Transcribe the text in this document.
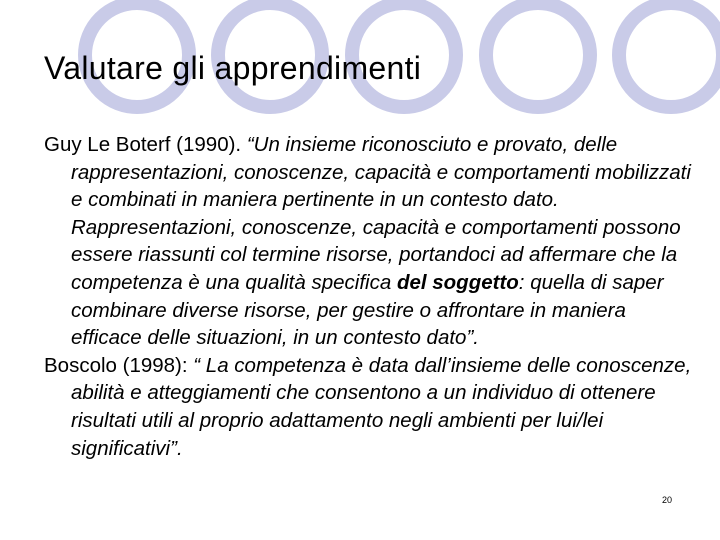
Valutare gli apprendimenti

Guy Le Boterf (1990). “Un insieme riconosciuto e provato, delle rappresentazioni, conoscenze, capacità e comportamenti mobilizzati e combinati in maniera pertinente in un contesto dato. Rappresentazioni, conoscenze, capacità e comportamenti possono essere riassunti col termine risorse, portandoci ad affermare che la competenza è una qualità specifica del soggetto: quella di saper combinare diverse risorse, per gestire o affrontare in maniera efficace delle situazioni, in un contesto dato”.

Boscolo (1998): “ La competenza è data dall’insieme delle conoscenze, abilità e atteggiamenti che consentono a un individuo di ottenere risultati utili al proprio adattamento negli ambienti per lui/lei significativi”.

20
